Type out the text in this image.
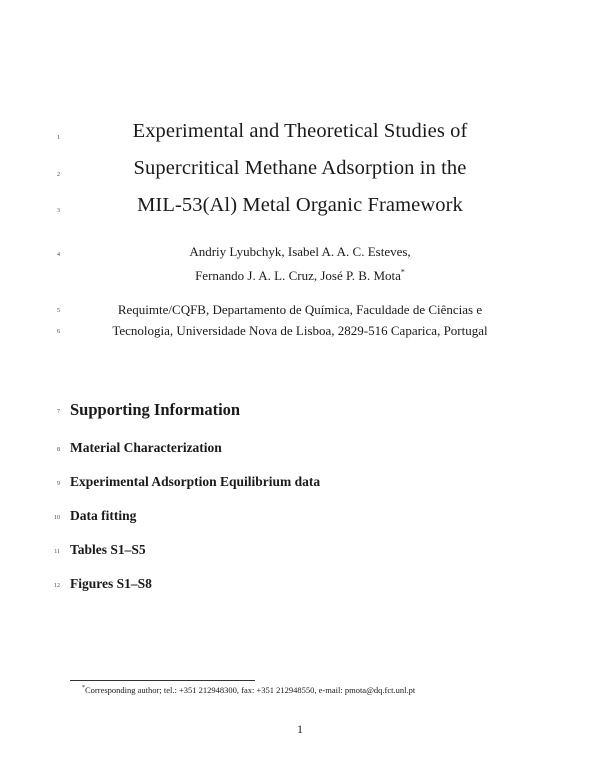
1
2
3
4
5
6
7
8
9
10
11
12
Experimental and Theoretical Studies of
Supercritical Methane Adsorption in the
MIL-53(Al) Metal Organic Framework
Andriy Lyubchyk, Isabel A. A. C. Esteves,
Fernando J. A. L. Cruz, José P. B. Mota*
Requimte/CQFB, Departamento de Química, Faculdade de Ciências e
Tecnologia, Universidade Nova de Lisboa, 2829-516 Caparica, Portugal
Supporting Information
Material Characterization
Experimental Adsorption Equilibrium data
Data fitting
Tables S1–S5
Figures S1–S8
*Corresponding author; tel.: +351 212948300, fax: +351 212948550, e-mail: pmota@dq.fct.unl.pt
1
